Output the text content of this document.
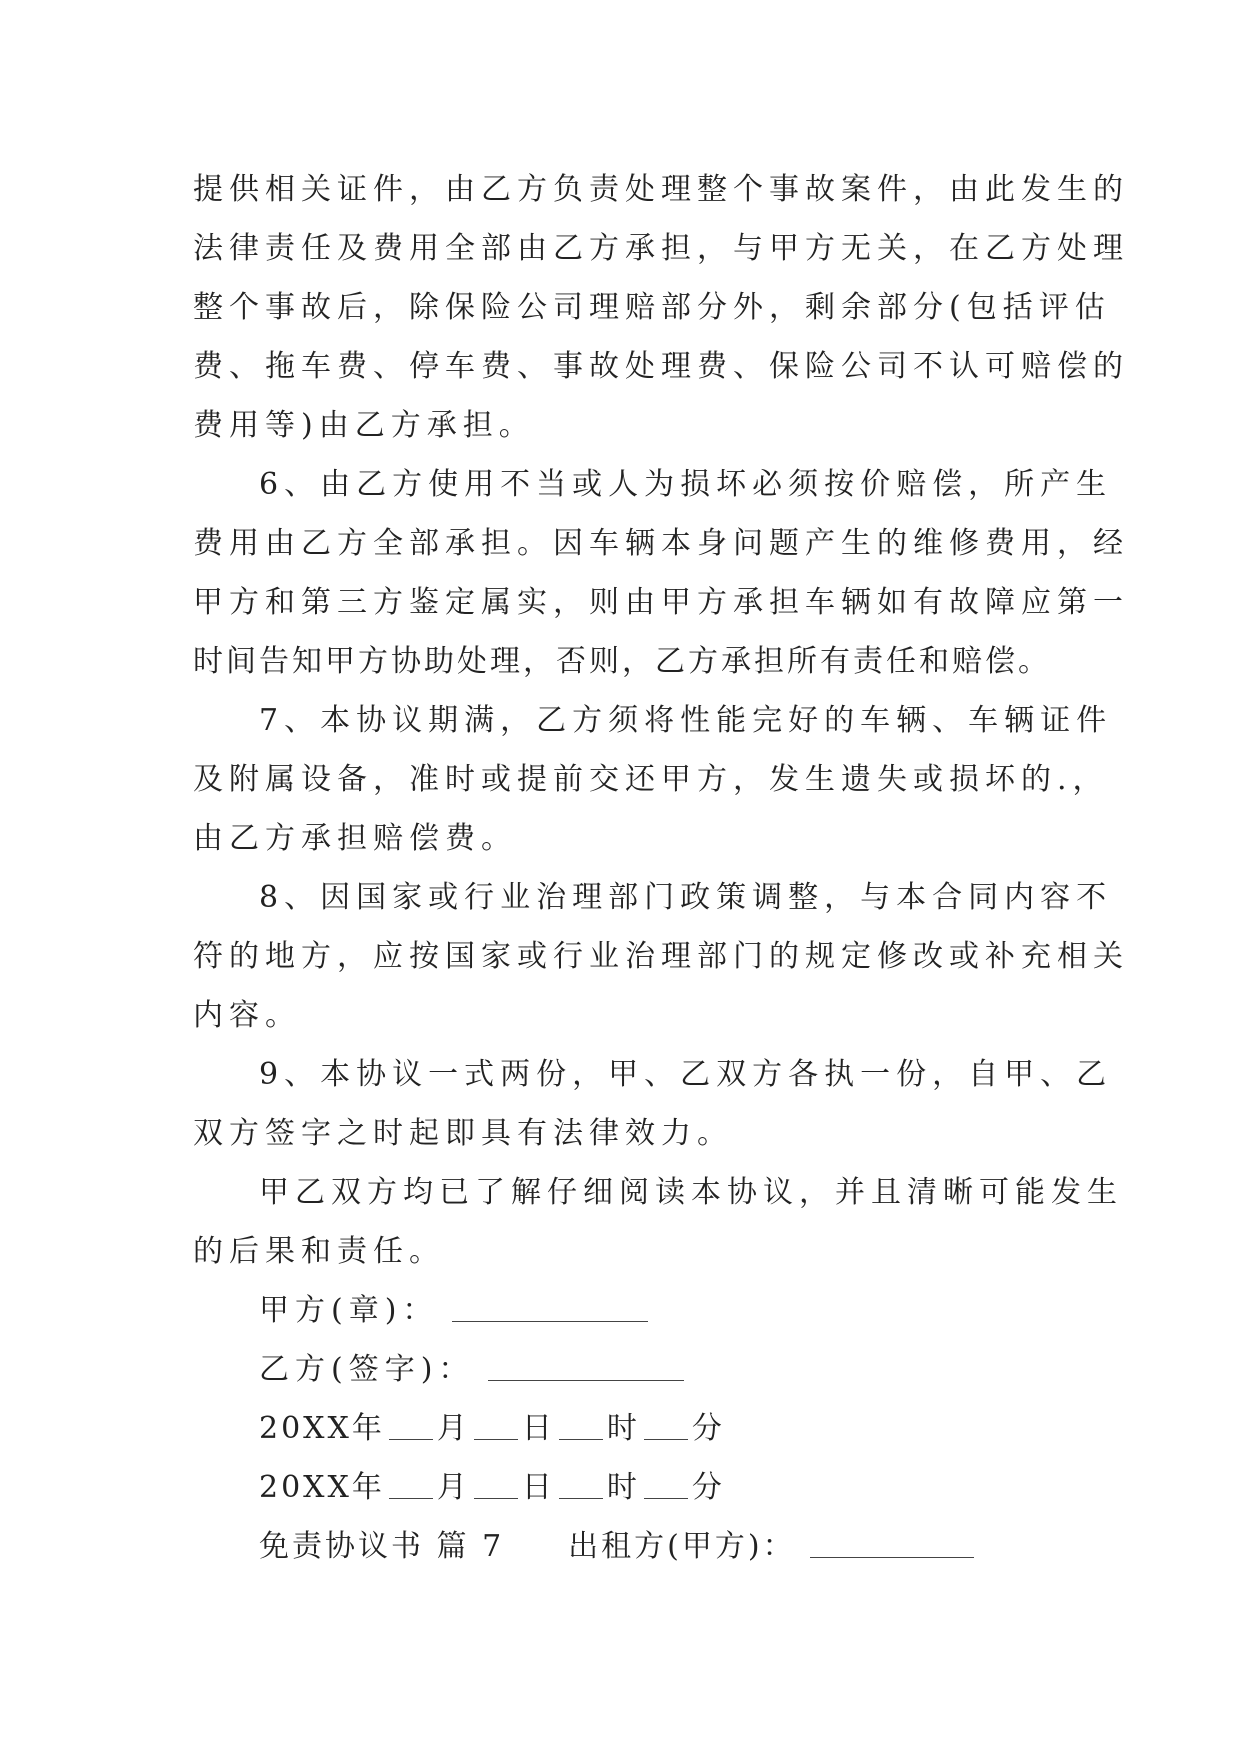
提供相关证件，由乙方负责处理整个事故案件，由此发生的
法律责任及费用全部由乙方承担，与甲方无关，在乙方处理
整个事故后，除保险公司理赔部分外，剩余部分(包括评估
费、拖车费、停车费、事故处理费、保险公司不认可赔偿的
费用等)由乙方承担。
6、由乙方使用不当或人为损坏必须按价赔偿，所产生
费用由乙方全部承担。因车辆本身问题产生的维修费用，经
甲方和第三方鉴定属实，则由甲方承担车辆如有故障应第一
时间告知甲方协助处理，否则，乙方承担所有责任和赔偿。
7、本协议期满，乙方须将性能完好的车辆、车辆证件
及附属设备，准时或提前交还甲方，发生遗失或损坏的.，
由乙方承担赔偿费。
8、因国家或行业治理部门政策调整，与本合同内容不
符的地方，应按国家或行业治理部门的规定修改或补充相关
内容。
9、本协议一式两份，甲、乙双方各执一份，自甲、乙
双方签字之时起即具有法律效力。
甲乙双方均已了解仔细阅读本协议，并且清晰可能发生
的后果和责任。
甲方(章)：
乙方(签字)：
20XX年 月 日 时 分
20XX年 月 日 时 分
免责协议书 篇 7 出租方(甲方)：
